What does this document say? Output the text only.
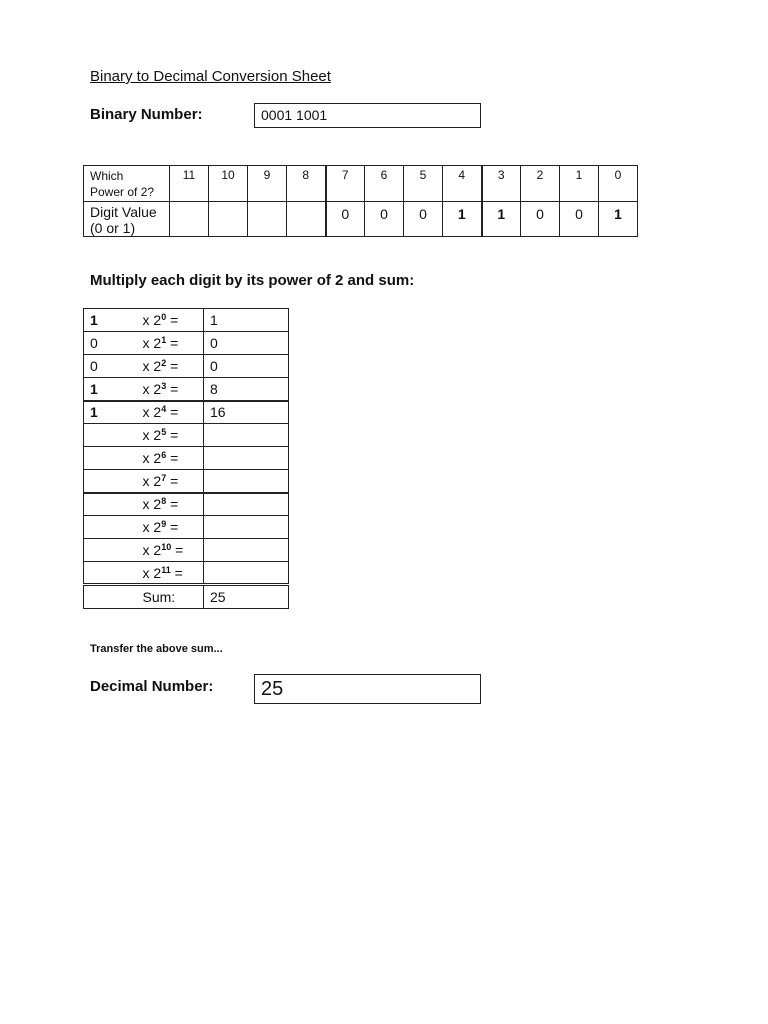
Binary to Decimal Conversion Sheet
Binary Number:	0001 1001
Which
Power of 2?	11	10	9	8	7	6	5	4	3	2	1	0

Digit Value
(0 or 1)					0	0	0	1	1	0	0	1
Multiply each digit by its power of 2 and sum:
1	x $2^0$ =	1
0	x $2^1$ =	0
0	x $2^2$ =	0
1	x $2^3$ =	8
1	x $2^4$ =	16
	x $2^5$ =	
	x $2^6$ =	
	x $2^7$ =	
	x $2^8$ =	
	x $2^9$ =	
	x $2^{10}$ =	
	x $2^{11}$ =	
	Sum:	25
Transfer the above sum...
Decimal Number:	25
